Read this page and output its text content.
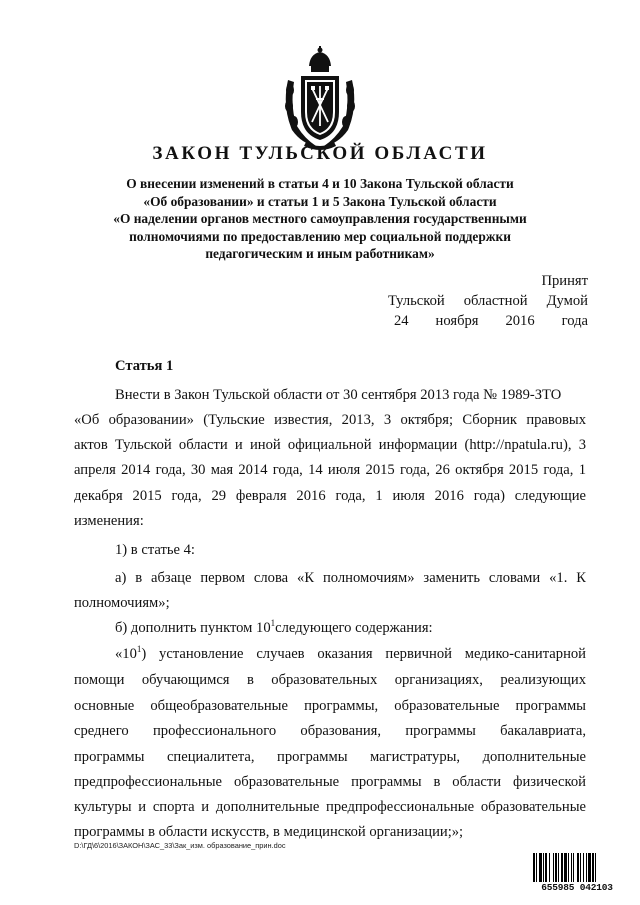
ЗАКОН ТУЛЬСКОЙ ОБЛАСТИ
О внесении изменений в статьи 4 и 10 Закона Тульской области
«Об образовании» и статьи 1 и 5 Закона Тульской области
«О наделении органов местного самоуправления государственными
полномочиями по предоставлению мер социальной поддержки
педагогическим и иным работникам»
Принят
Тульской областной Думой
24 ноября 2016 года
Статья 1
Внести в Закон Тульской области от 30 сентября 2013 года № 1989-ЗТО
«Об образовании» (Тульские известия, 2013, 3 октября; Сборник правовых
актов Тульской области и иной официальной информации (http://npatula.ru), 3
апреля 2014 года, 30 мая 2014 года, 14 июля 2015 года, 26 октября 2015 года, 1
декабря 2015 года, 29 февраля 2016 года, 1 июля 2016 года) следующие
изменения:
1) в статье 4:
а) в абзаце первом слова «К полномочиям» заменить словами «1. К
полномочиям»;
б) дополнить пунктом $10^1следующего$ содержания:
«$10^1$) установление случаев оказания первичной медико-санитарной
помощи обучающимся в образовательных организациях, реализующих
основные общеобразовательные программы, образовательные программы
среднего профессионального образования, программы бакалавриата,
программы специалитета, программы магистратуры, дополнительные
предпрофессиональные образовательные программы в области физической
культуры и спорта и дополнительные предпрофессиональные образовательные
программы в области искусств, в медицинской организации;»;
D:\ГД\6\2016\ЗАКОН\ЗАС_33\Зак_изм. образование_прин.doc
655985 042103
